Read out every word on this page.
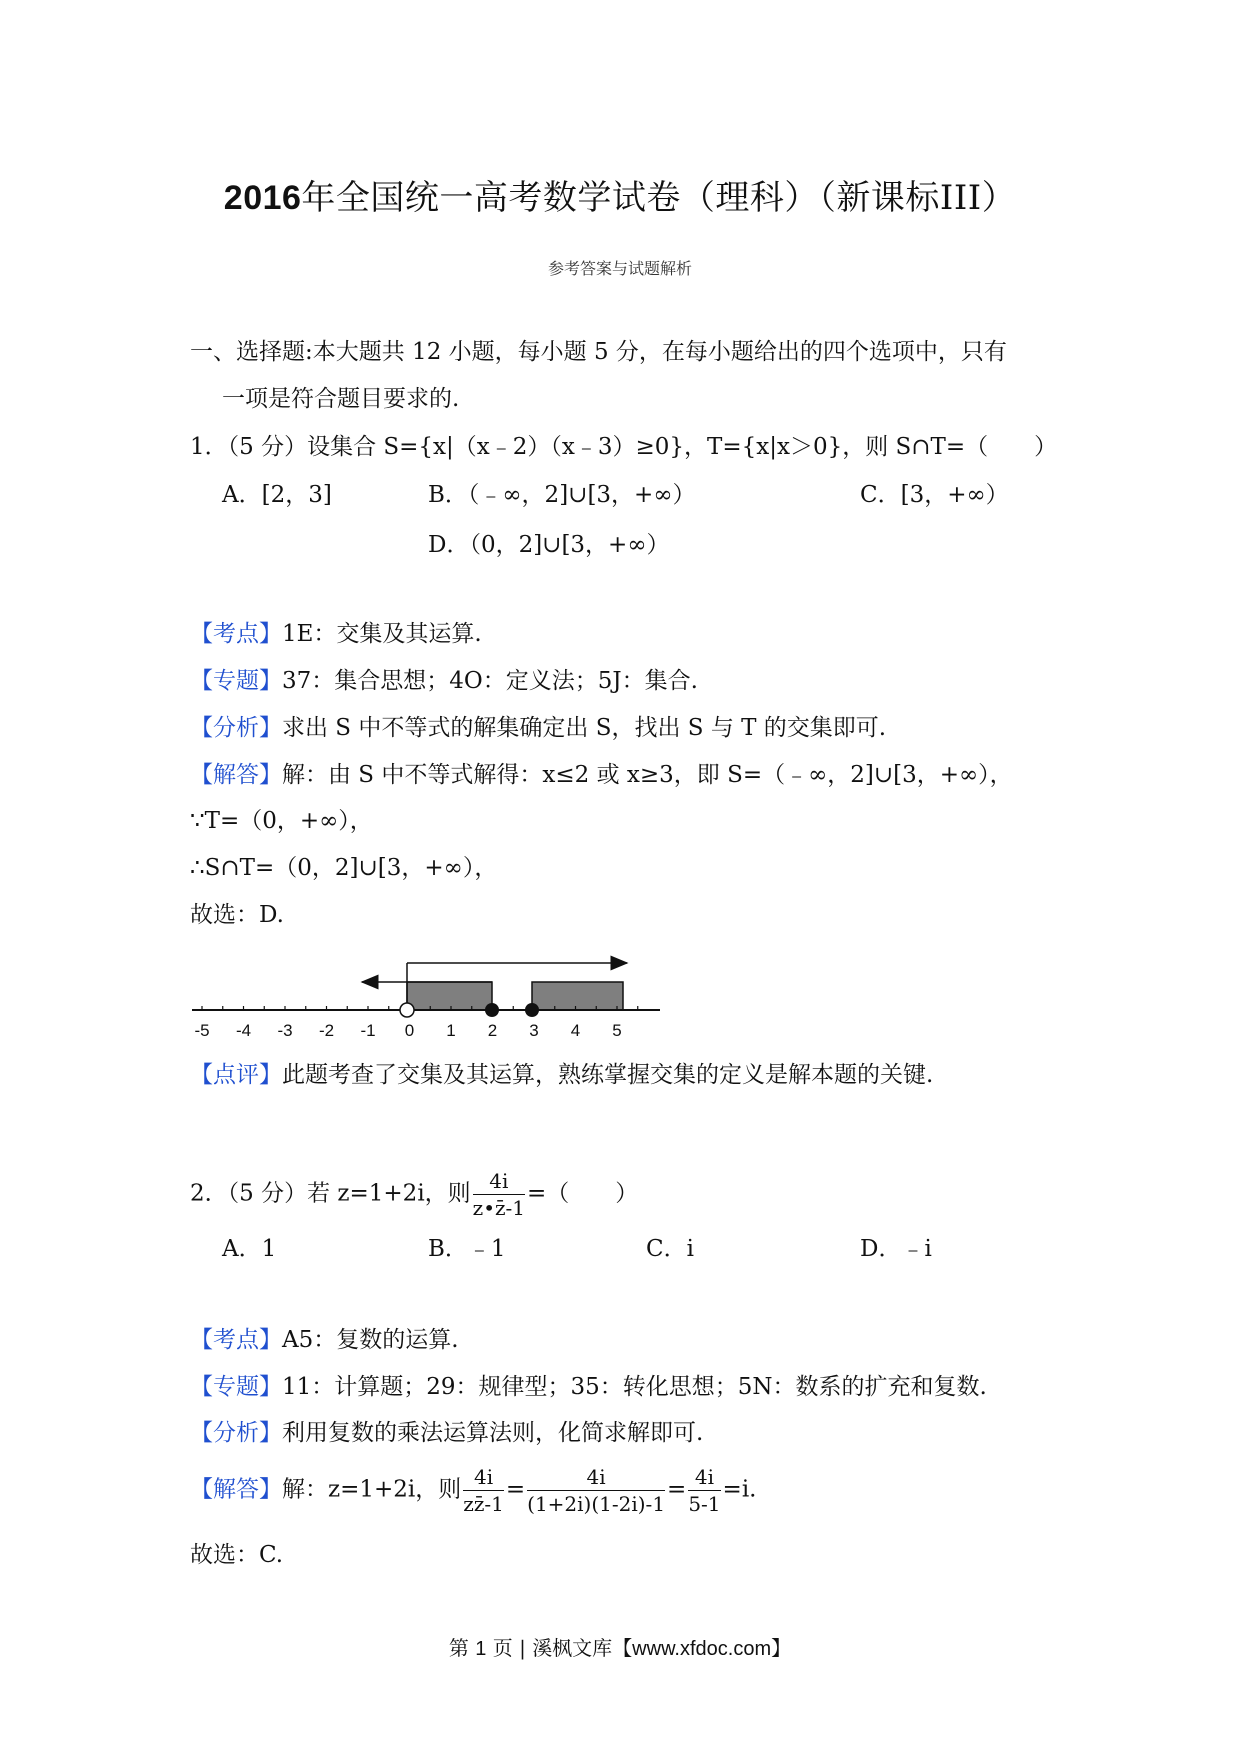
2016年全国统一高考数学试卷（理科）（新课标III）
参考答案与试题解析
一、选择题:本大题共 12 小题，每小题 5 分，在每小题给出的四个选项中，只有
一项是符合题目要求的.
1．（5 分）设集合 S={x|（x﹣2）（x﹣3）≥0}，T={x|x＞0}，则 S∩T=（　　）
A．[2，3]	B．（﹣∞，2]∪[3，+∞）	C．[3，+∞）
D．（0，2]∪[3，+∞）
【考点】1E：交集及其运算.
【专题】37：集合思想；4O：定义法；5J：集合.
【分析】求出 S 中不等式的解集确定出 S，找出 S 与 T 的交集即可.
【解答】解：由 S 中不等式解得：x≤2 或 x≥3，即 S=（﹣∞，2]∪[3，+∞），
∵T=（0，+∞），
∴S∩T=（0，2]∪[3，+∞），
故选：D.
-5 -4 -3 -2 -1 0 1 2 3 4 5
【点评】此题考查了交集及其运算，熟练掌握交集的定义是解本题的关键.
2．（5 分）若 z=1+2i，则 $\frac{4i}{z•z̄-1}$ =（　　）
A．1	B．﹣1	C．i	D．﹣i
【考点】A5：复数的运算.
【专题】11：计算题；29：规律型；35：转化思想；5N：数系的扩充和复数.
【分析】利用复数的乘法运算法则，化简求解即可.
【解答】解：z=1+2i，则 $\frac{4i}{zz̄-1} = \frac{4i}{(1+2i)(1-2i)-1} = \frac{4i}{5-1} =i$.
故选：C.
第 1 页 | 溪枫文库【www.xfdoc.com】
